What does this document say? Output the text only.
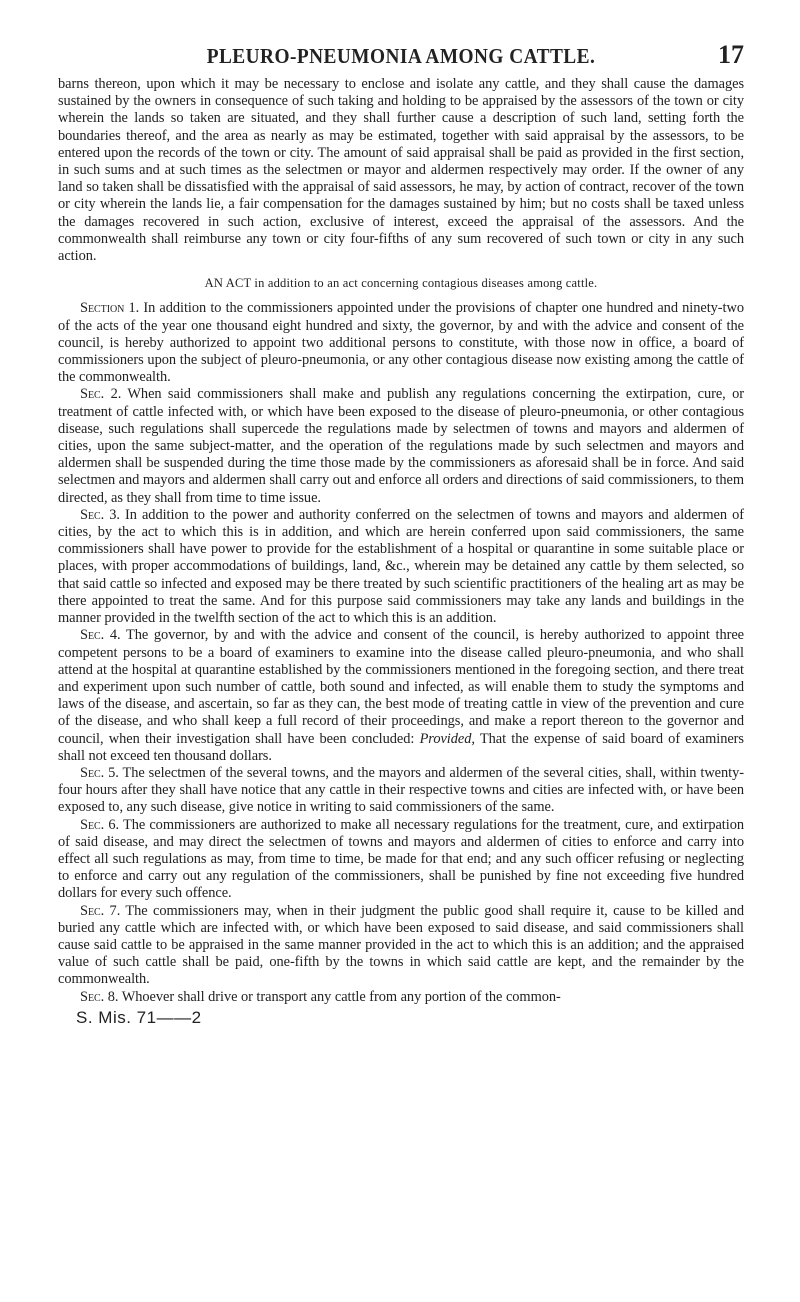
PLEURO-PNEUMONIA AMONG CATTLE.	17

barns thereon, upon which it may be necessary to enclose and isolate any cattle, and they shall cause the damages sustained by the owners in consequence of such taking and holding to be appraised by the assessors of the town or city wherein the lands so taken are situated, and they shall further cause a description of such land, setting forth the boundaries thereof, and the area as nearly as may be estimated, together with said appraisal by the assessors, to be entered upon the records of the town or city. The amount of said appraisal shall be paid as provided in the first section, in such sums and at such times as the selectmen or mayor and aldermen respectively may order. If the owner of any land so taken shall be dissatisfied with the appraisal of said assessors, he may, by action of contract, recover of the town or city wherein the lands lie, a fair compensation for the damages sustained by him; but no costs shall be taxed unless the damages recovered in such action, exclusive of interest, exceed the appraisal of the assessors. And the commonwealth shall reimburse any town or city four-fifths of any sum recovered of such town or city in any such action.

AN ACT in addition to an act concerning contagious diseases among cattle.

Section 1. In addition to the commissioners appointed under the provisions of chapter one hundred and ninety-two of the acts of the year one thousand eight hundred and sixty, the governor, by and with the advice and consent of the council, is hereby authorized to appoint two additional persons to constitute, with those now in office, a board of commissioners upon the subject of pleuro-pneumonia, or any other contagious disease now existing among the cattle of the commonwealth.

Sec. 2. When said commissioners shall make and publish any regulations concerning the extirpation, cure, or treatment of cattle infected with, or which have been exposed to the disease of pleuro-pneumonia, or other contagious disease, such regulations shall supercede the regulations made by selectmen of towns and mayors and aldermen of cities, upon the same subject-matter, and the operation of the regulations made by such selectmen and mayors and aldermen shall be suspended during the time those made by the commissioners as aforesaid shall be in force. And said selectmen and mayors and aldermen shall carry out and enforce all orders and directions of said commissioners, to them directed, as they shall from time to time issue.

Sec. 3. In addition to the power and authority conferred on the selectmen of towns and mayors and aldermen of cities, by the act to which this is in addition, and which are herein conferred upon said commissioners, the same commissioners shall have power to provide for the establishment of a hospital or quarantine in some suitable place or places, with proper accommodations of buildings, land, &c., wherein may be detained any cattle by them selected, so that said cattle so infected and exposed may be there treated by such scientific practitioners of the healing art as may be there appointed to treat the same. And for this purpose said commissioners may take any lands and buildings in the manner provided in the twelfth section of the act to which this is an addition.

Sec. 4. The governor, by and with the advice and consent of the council, is hereby authorized to appoint three competent persons to be a board of examiners to examine into the disease called pleuro-pneumonia, and who shall attend at the hospital at quarantine established by the commissioners mentioned in the foregoing section, and there treat and experiment upon such number of cattle, both sound and infected, as will enable them to study the symptoms and laws of the disease, and ascertain, so far as they can, the best mode of treating cattle in view of the prevention and cure of the disease, and who shall keep a full record of their proceedings, and make a report thereon to the governor and council, when their investigation shall have been concluded: Provided, That the expense of said board of examiners shall not exceed ten thousand dollars.

Sec. 5. The selectmen of the several towns, and the mayors and aldermen of the several cities, shall, within twenty-four hours after they shall have notice that any cattle in their respective towns and cities are infected with, or have been exposed to, any such disease, give notice in writing to said commissioners of the same.

Sec. 6. The commissioners are authorized to make all necessary regulations for the treatment, cure, and extirpation of said disease, and may direct the selectmen of towns and mayors and aldermen of cities to enforce and carry into effect all such regulations as may, from time to time, be made for that end; and any such officer refusing or neglecting to enforce and carry out any regulation of the commissioners, shall be punished by fine not exceeding five hundred dollars for every such offence.

Sec. 7. The commissioners may, when in their judgment the public good shall require it, cause to be killed and buried any cattle which are infected with, or which have been exposed to said disease, and said commissioners shall cause said cattle to be appraised in the same manner provided in the act to which this is an addition; and the appraised value of such cattle shall be paid, one-fifth by the towns in which said cattle are kept, and the remainder by the commonwealth.

Sec. 8. Whoever shall drive or transport any cattle from any portion of the common-

S. Mis. 71——2
